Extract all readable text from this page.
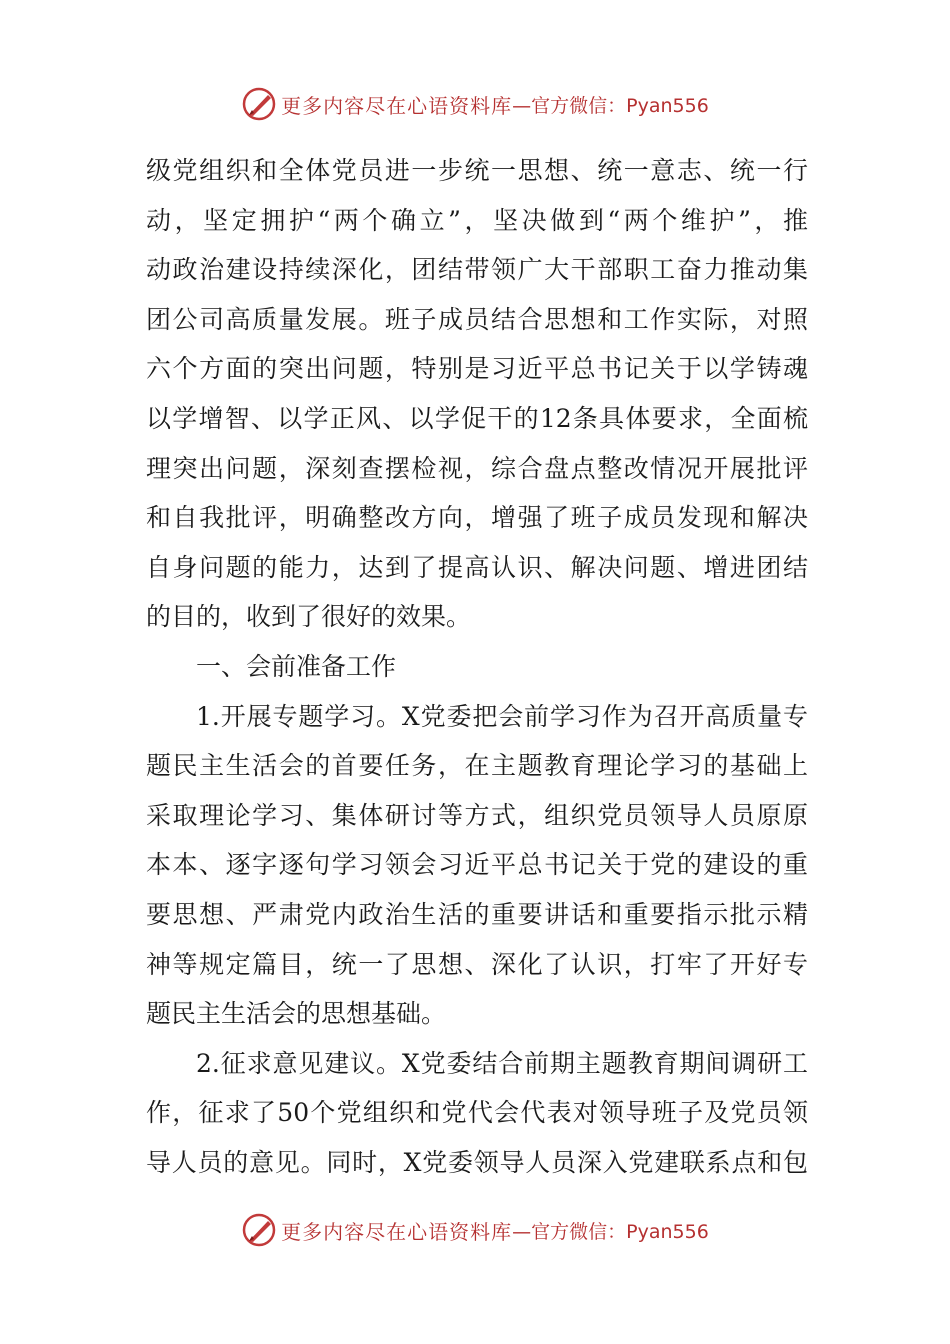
更多内容尽在心语资料库 —官方微信：Pyan556
级党组织和全体党员进一步统一思想、统一意志、统一行
动，坚定拥护“两个确立”，坚决做到“两个维护”，推
动政治建设持续深化，团结带领广大干部职工奋力推动集
团公司高质量发展。班子成员结合思想和工作实际，对照
六个方面的突出问题，特别是习近平总书记关于以学铸魂
以学增智、以学正风、以学促干的12条具体要求，全面梳
理突出问题，深刻查摆检视，综合盘点整改情况开展批评
和自我批评，明确整改方向，增强了班子成员发现和解决
自身问题的能力，达到了提高认识、解决问题、增进团结
的目的，收到了很好的效果。
一、会前准备工作
1.开展专题学习。X党委把会前学习作为召开高质量专
题民主生活会的首要任务，在主题教育理论学习的基础上
采取理论学习、集体研讨等方式，组织党员领导人员原原
本本、逐字逐句学习领会习近平总书记关于党的建设的重
要思想、严肃党内政治生活的重要讲话和重要指示批示精
神等规定篇目，统一了思想、深化了认识，打牢了开好专
题民主生活会的思想基础。
2.征求意见建议。X党委结合前期主题教育期间调研工
作，征求了50个党组织和党代会代表对领导班子及党员领
导人员的意见。同时，X党委领导人员深入党建联系点和包
更多内容尽在心语资料库 —官方微信：Pyan556
